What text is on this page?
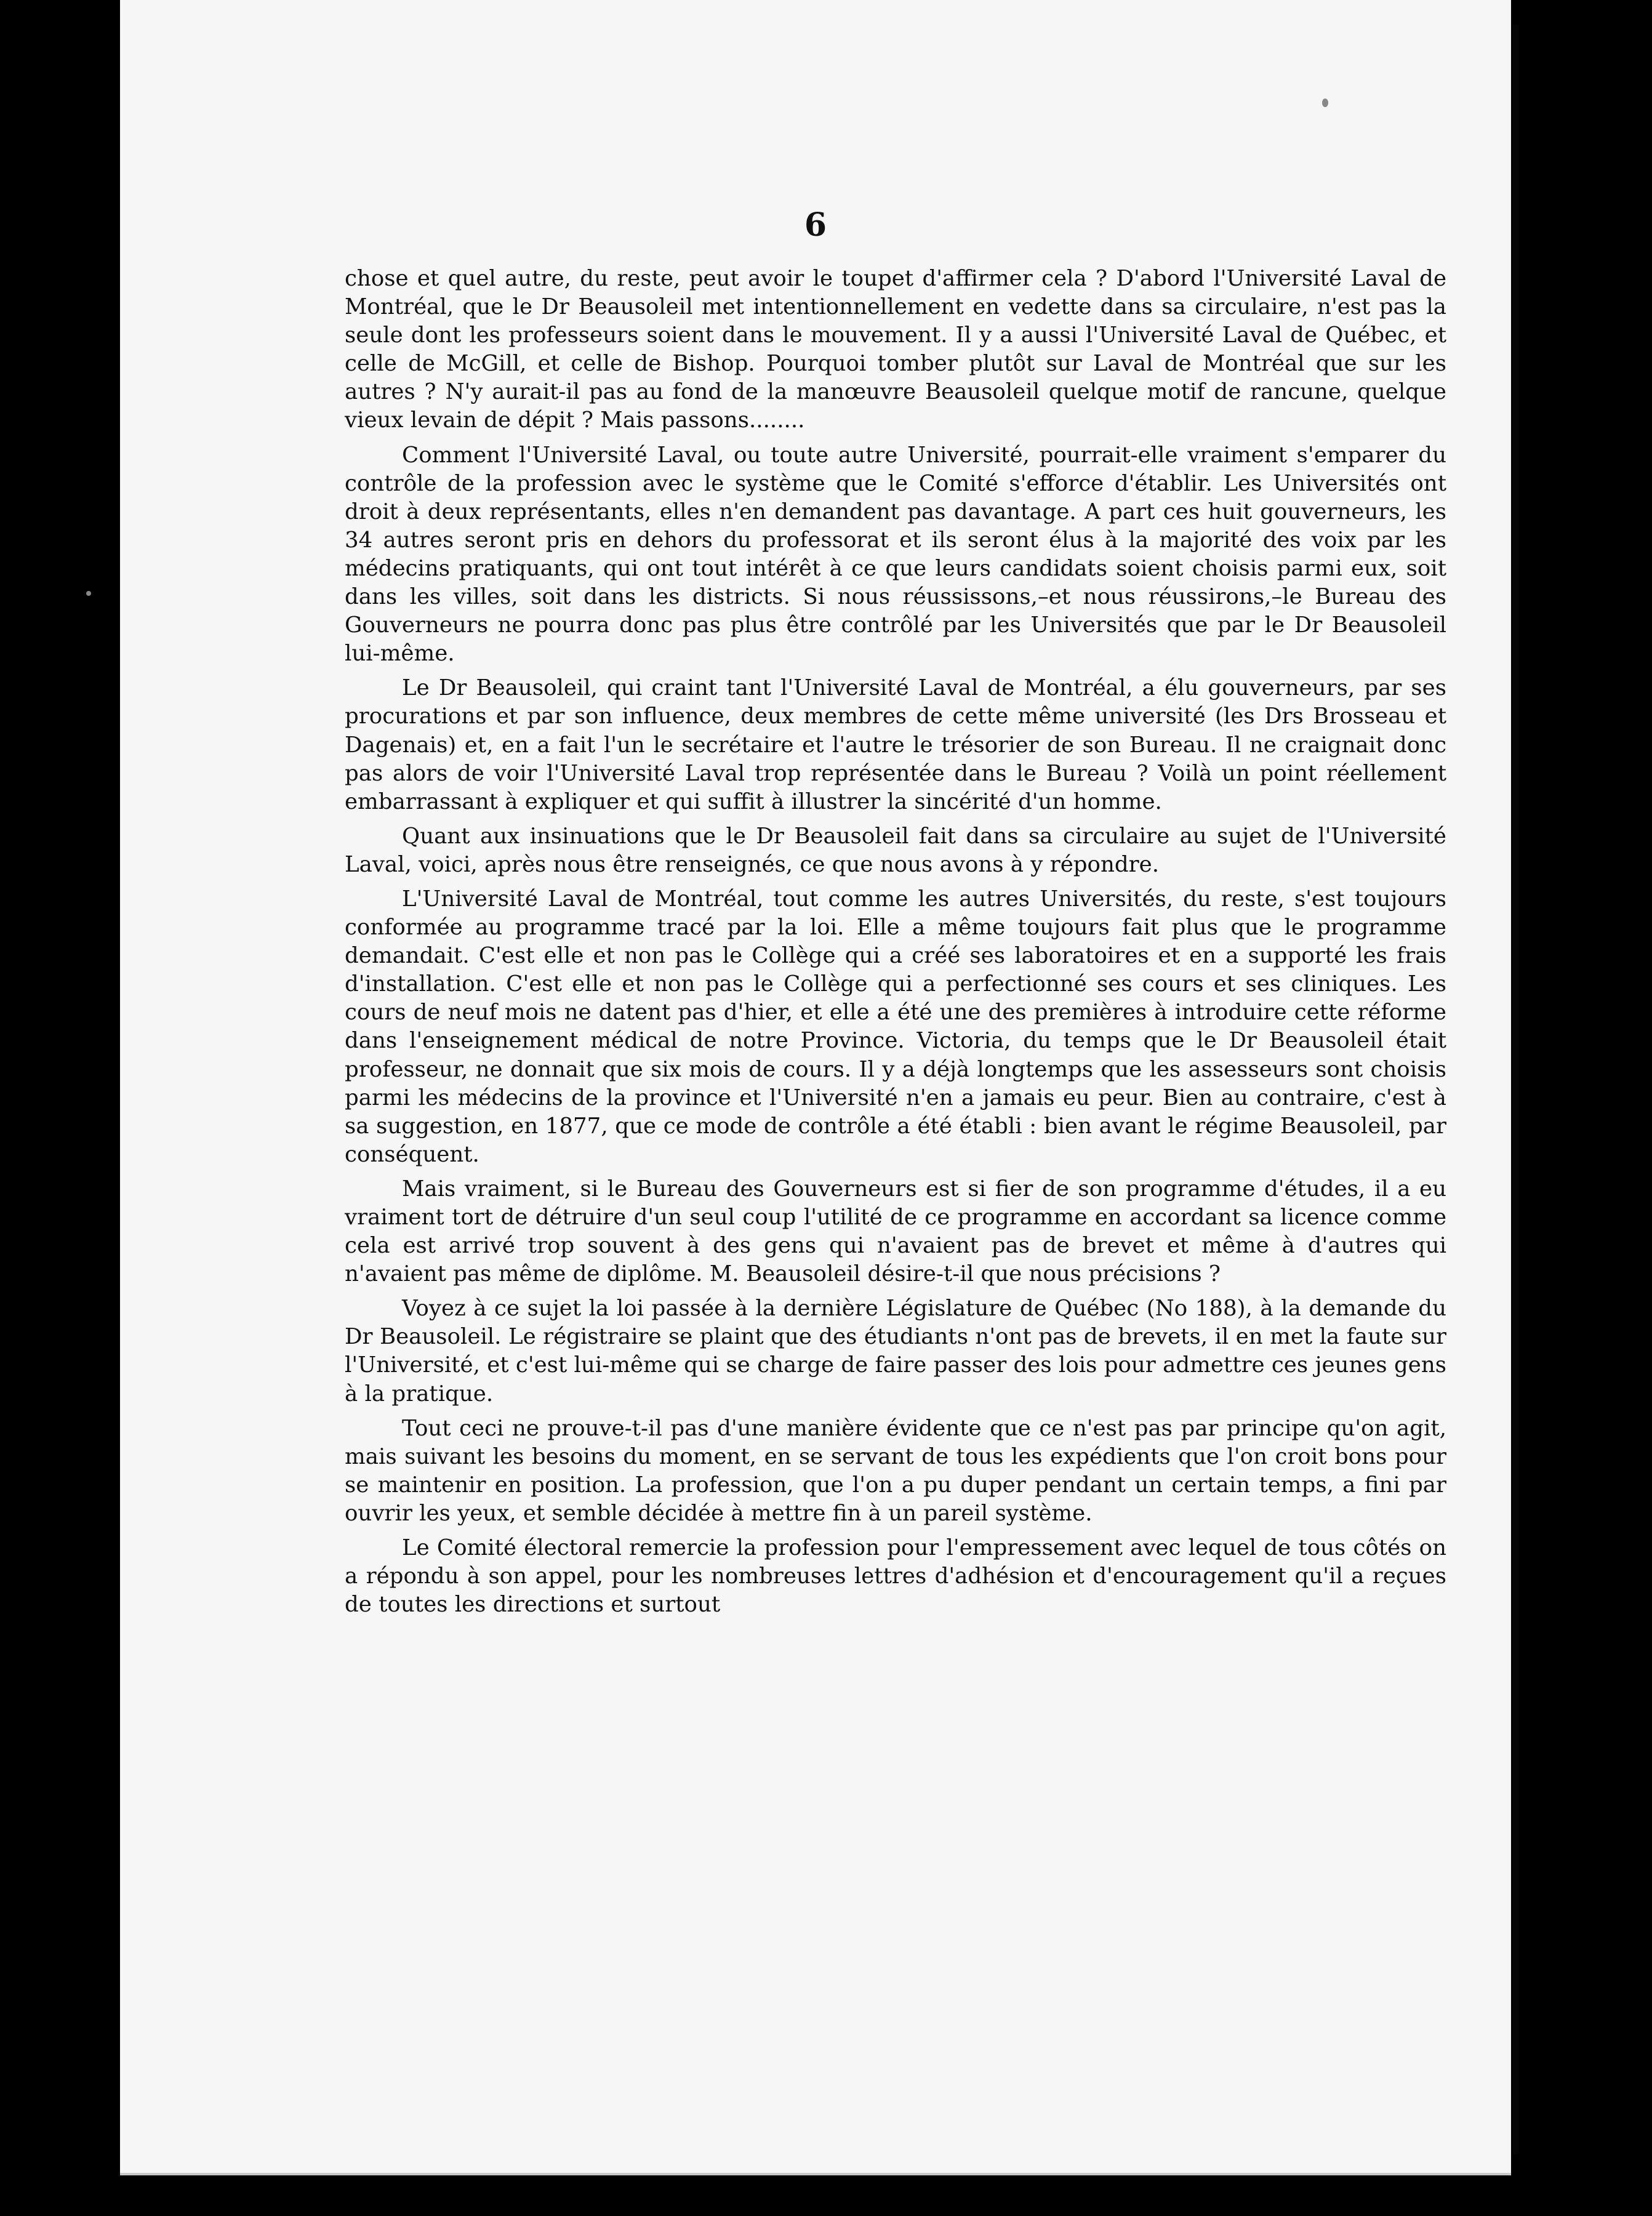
6

chose et quel autre, du reste, peut avoir le toupet d'affirmer cela ? D'abord l'Université Laval de Montréal, que le Dr Beausoleil met intentionnellement en vedette dans sa circulaire, n'est pas la seule dont les professeurs soient dans le mouvement. Il y a aussi l'Université Laval de Québec, et celle de McGill, et celle de Bishop. Pourquoi tomber plutôt sur Laval de Montréal que sur les autres ? N'y aurait-il pas au fond de la manœuvre Beausoleil quelque motif de rancune, quelque vieux levain de dépit ? Mais passons........

Comment l'Université Laval, ou toute autre Université, pourrait-elle vraiment s'emparer du contrôle de la profession avec le système que le Comité s'efforce d'établir. Les Universités ont droit à deux représentants, elles n'en demandent pas davantage. A part ces huit gouverneurs, les 34 autres seront pris en dehors du professorat et ils seront élus à la majorité des voix par les médecins pratiquants, qui ont tout intérêt à ce que leurs candidats soient choisis parmi eux, soit dans les villes, soit dans les districts. Si nous réussissons,–et nous réussirons,–le Bureau des Gouverneurs ne pourra donc pas plus être contrôlé par les Universités que par le Dr Beausoleil lui-même.

Le Dr Beausoleil, qui craint tant l'Université Laval de Montréal, a élu gouverneurs, par ses procurations et par son influence, deux membres de cette même université (les Drs Brosseau et Dagenais) et, en a fait l'un le secrétaire et l'autre le trésorier de son Bureau. Il ne craignait donc pas alors de voir l'Université Laval trop représentée dans le Bureau ? Voilà un point réellement embarrassant à expliquer et qui suffit à illustrer la sincérité d'un homme.

Quant aux insinuations que le Dr Beausoleil fait dans sa circulaire au sujet de l'Université Laval, voici, après nous être renseignés, ce que nous avons à y répondre.

L'Université Laval de Montréal, tout comme les autres Universités, du reste, s'est toujours conformée au programme tracé par la loi. Elle a même toujours fait plus que le programme demandait. C'est elle et non pas le Collège qui a créé ses laboratoires et en a supporté les frais d'installation. C'est elle et non pas le Collège qui a perfectionné ses cours et ses cliniques. Les cours de neuf mois ne datent pas d'hier, et elle a été une des premières à introduire cette réforme dans l'enseignement médical de notre Province. Victoria, du temps que le Dr Beausoleil était professeur, ne donnait que six mois de cours. Il y a déjà longtemps que les assesseurs sont choisis parmi les médecins de la province et l'Université n'en a jamais eu peur. Bien au contraire, c'est à sa suggestion, en 1877, que ce mode de contrôle a été établi : bien avant le régime Beausoleil, par conséquent.

Mais vraiment, si le Bureau des Gouverneurs est si fier de son programme d'études, il a eu vraiment tort de détruire d'un seul coup l'utilité de ce programme en accordant sa licence comme cela est arrivé trop souvent à des gens qui n'avaient pas de brevet et même à d'autres qui n'avaient pas même de diplôme. M. Beausoleil désire-t-il que nous précisions ?

Voyez à ce sujet la loi passée à la dernière Législature de Québec (No 188), à la demande du Dr Beausoleil. Le régistraire se plaint que des étudiants n'ont pas de brevets, il en met la faute sur l'Université, et c'est lui-même qui se charge de faire passer des lois pour admettre ces jeunes gens à la pratique.

Tout ceci ne prouve-t-il pas d'une manière évidente que ce n'est pas par principe qu'on agit, mais suivant les besoins du moment, en se servant de tous les expédients que l'on croit bons pour se maintenir en position. La profession, que l'on a pu duper pendant un certain temps, a fini par ouvrir les yeux, et semble décidée à mettre fin à un pareil système.

Le Comité électoral remercie la profession pour l'empressement avec lequel de tous côtés on a répondu à son appel, pour les nombreuses lettres d'adhésion et d'encouragement qu'il a reçues de toutes les directions et surtout
